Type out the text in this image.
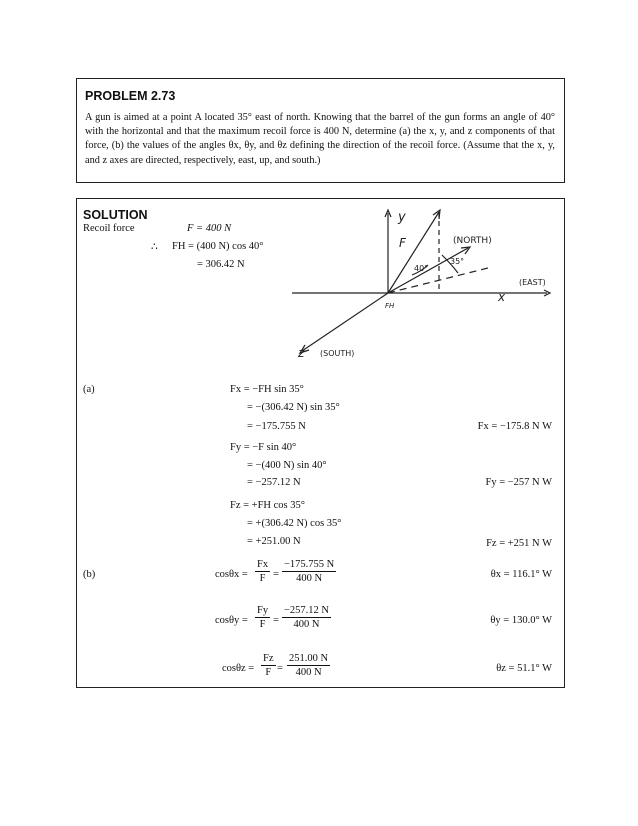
PROBLEM 2.73
A gun is aimed at a point A located 35° east of north. Knowing that the barrel of the gun forms an angle of 40° with the horizontal and that the maximum recoil force is 400 N, determine (a) the x, y, and z components of that force, (b) the values of the angles θx, θy, and θz defining the direction of the recoil force. (Assume that the x, y, and z axes are directed, respectively, east, up, and south.)
SOLUTION
Recoil force	F = 400 N
∴ FH = (400 N) cos 40°
= 306.42 N
y
F	(NORTH)
40°
35°
(EAST)
x
FH
z (SOUTH)
(a)	Fx = −FH sin 35°
= −(306.42 N) sin 35°
= −175.755 N	Fx = −175.8 N W
Fy = −F sin 40°
= −(400 N) sin 40°
= −257.12 N	Fy = −257 N W
Fz = +FH cos 35°
= +(306.42 N) cos 35°
= +251.00 N	Fz = +251 N W
(b)	$\cos\theta x = \frac{Fx}{F} = \frac{-175.755 N}{400 N}$	θx = 116.1° W
$\cos\theta y = \frac{Fy}{F} = \frac{-257.12 N}{400 N}$	θy = 130.0° W
$\cos\theta z = \frac{Fz}{F} = \frac{251.00 N}{400 N}$	θz = 51.1° W
